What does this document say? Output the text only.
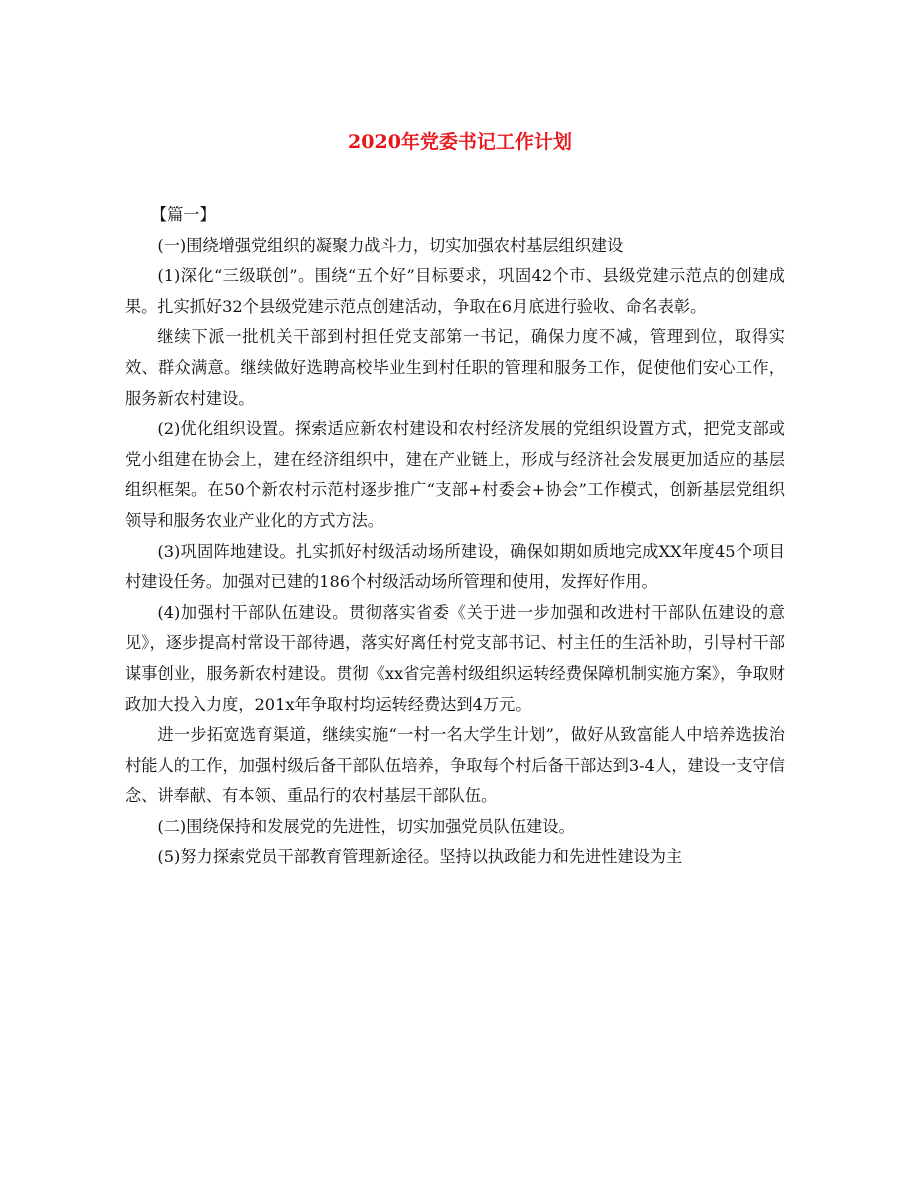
2020年党委书记工作计划

【篇一】

(一)围绕增强党组织的凝聚力战斗力，切实加强农村基层组织建设

(1)深化“三级联创”。围绕“五个好”目标要求，巩固42个市、县级党建示范点的创建成果。扎实抓好32个县级党建示范点创建活动，争取在6月底进行验收、命名表彰。

继续下派一批机关干部到村担任党支部第一书记，确保力度不减，管理到位，取得实效、群众满意。继续做好选聘高校毕业生到村任职的管理和服务工作，促使他们安心工作，服务新农村建设。

(2)优化组织设置。探索适应新农村建设和农村经济发展的党组织设置方式，把党支部或党小组建在协会上，建在经济组织中，建在产业链上，形成与经济社会发展更加适应的基层组织框架。在50个新农村示范村逐步推广“支部+村委会+协会”工作模式，创新基层党组织领导和服务农业产业化的方式方法。

(3)巩固阵地建设。扎实抓好村级活动场所建设，确保如期如质地完成XX年度45个项目村建设任务。加强对已建的186个村级活动场所管理和使用，发挥好作用。

(4)加强村干部队伍建设。贯彻落实省委《关于进一步加强和改进村干部队伍建设的意见》，逐步提高村常设干部待遇，落实好离任村党支部书记、村主任的生活补助，引导村干部谋事创业，服务新农村建设。贯彻《xx省完善村级组织运转经费保障机制实施方案》，争取财政加大投入力度，201x年争取村均运转经费达到4万元。

进一步拓宽选育渠道，继续实施“一村一名大学生计划”，做好从致富能人中培养选拔治村能人的工作，加强村级后备干部队伍培养，争取每个村后备干部达到3-4人，建设一支守信念、讲奉献、有本领、重品行的农村基层干部队伍。

(二)围绕保持和发展党的先进性，切实加强党员队伍建设。

(5)努力探索党员干部教育管理新途径。坚持以执政能力和先进性建设为主
